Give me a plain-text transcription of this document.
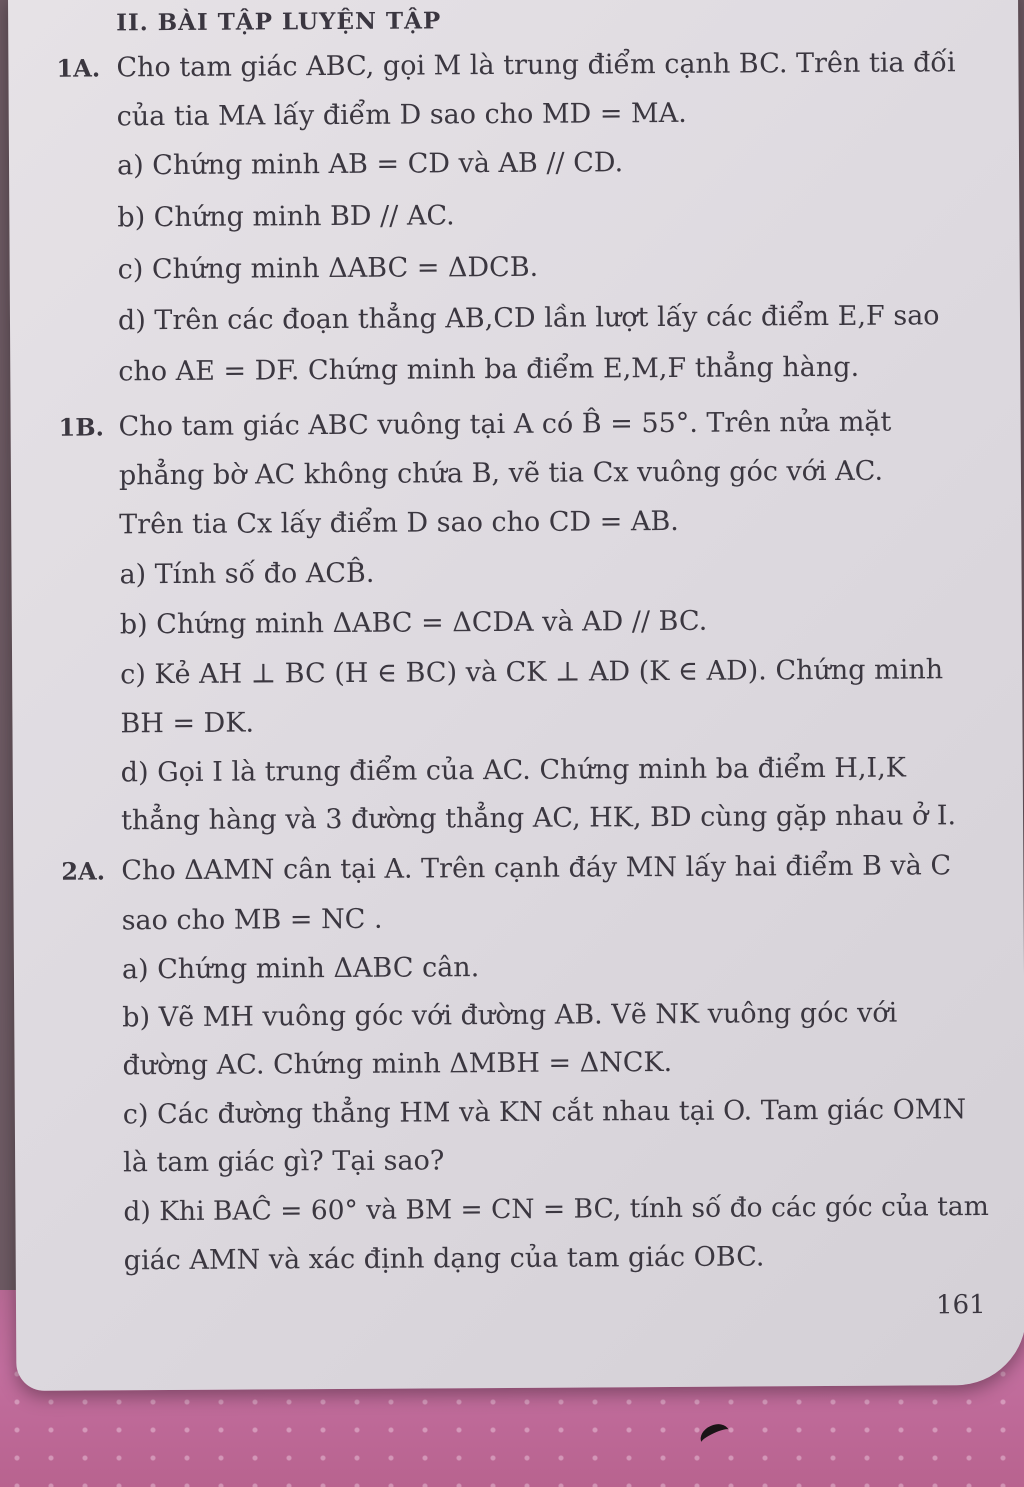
II. BÀI TẬP LUYỆN TẬP
1A. Cho tam giác ABC, gọi M là trung điểm cạnh BC. Trên tia đối
của tia MA lấy điểm D sao cho MD = MA.
a) Chứng minh AB = CD và AB // CD.
b) Chứng minh BD // AC.
c) Chứng minh ΔABC = ΔDCB.
d) Trên các đoạn thẳng AB,CD lần lượt lấy các điểm E,F sao
cho AE = DF. Chứng minh ba điểm E,M,F thẳng hàng.
1B. Cho tam giác ABC vuông tại A có B̂ = 55°. Trên nửa mặt
phẳng bờ AC không chứa B, vẽ tia Cx vuông góc với AC.
Trên tia Cx lấy điểm D sao cho CD = AB.
a) Tính số đo ACB̂.
b) Chứng minh ΔABC = ΔCDA và AD // BC.
c) Kẻ AH ⊥ BC (H ∈ BC) và CK ⊥ AD (K ∈ AD). Chứng minh
BH = DK.
d) Gọi I là trung điểm của AC. Chứng minh ba điểm H,I,K
thẳng hàng và 3 đường thẳng AC, HK, BD cùng gặp nhau ở I.
2A. Cho ΔAMN cân tại A. Trên cạnh đáy MN lấy hai điểm B và C
sao cho MB = NC .
a) Chứng minh ΔABC cân.
b) Vẽ MH vuông góc với đường AB. Vẽ NK vuông góc với
đường AC. Chứng minh ΔMBH = ΔNCK.
c) Các đường thẳng HM và KN cắt nhau tại O. Tam giác OMN
là tam giác gì? Tại sao?
d) Khi BAĈ = 60° và BM = CN = BC, tính số đo các góc của tam
giác AMN và xác định dạng của tam giác OBC.
161
